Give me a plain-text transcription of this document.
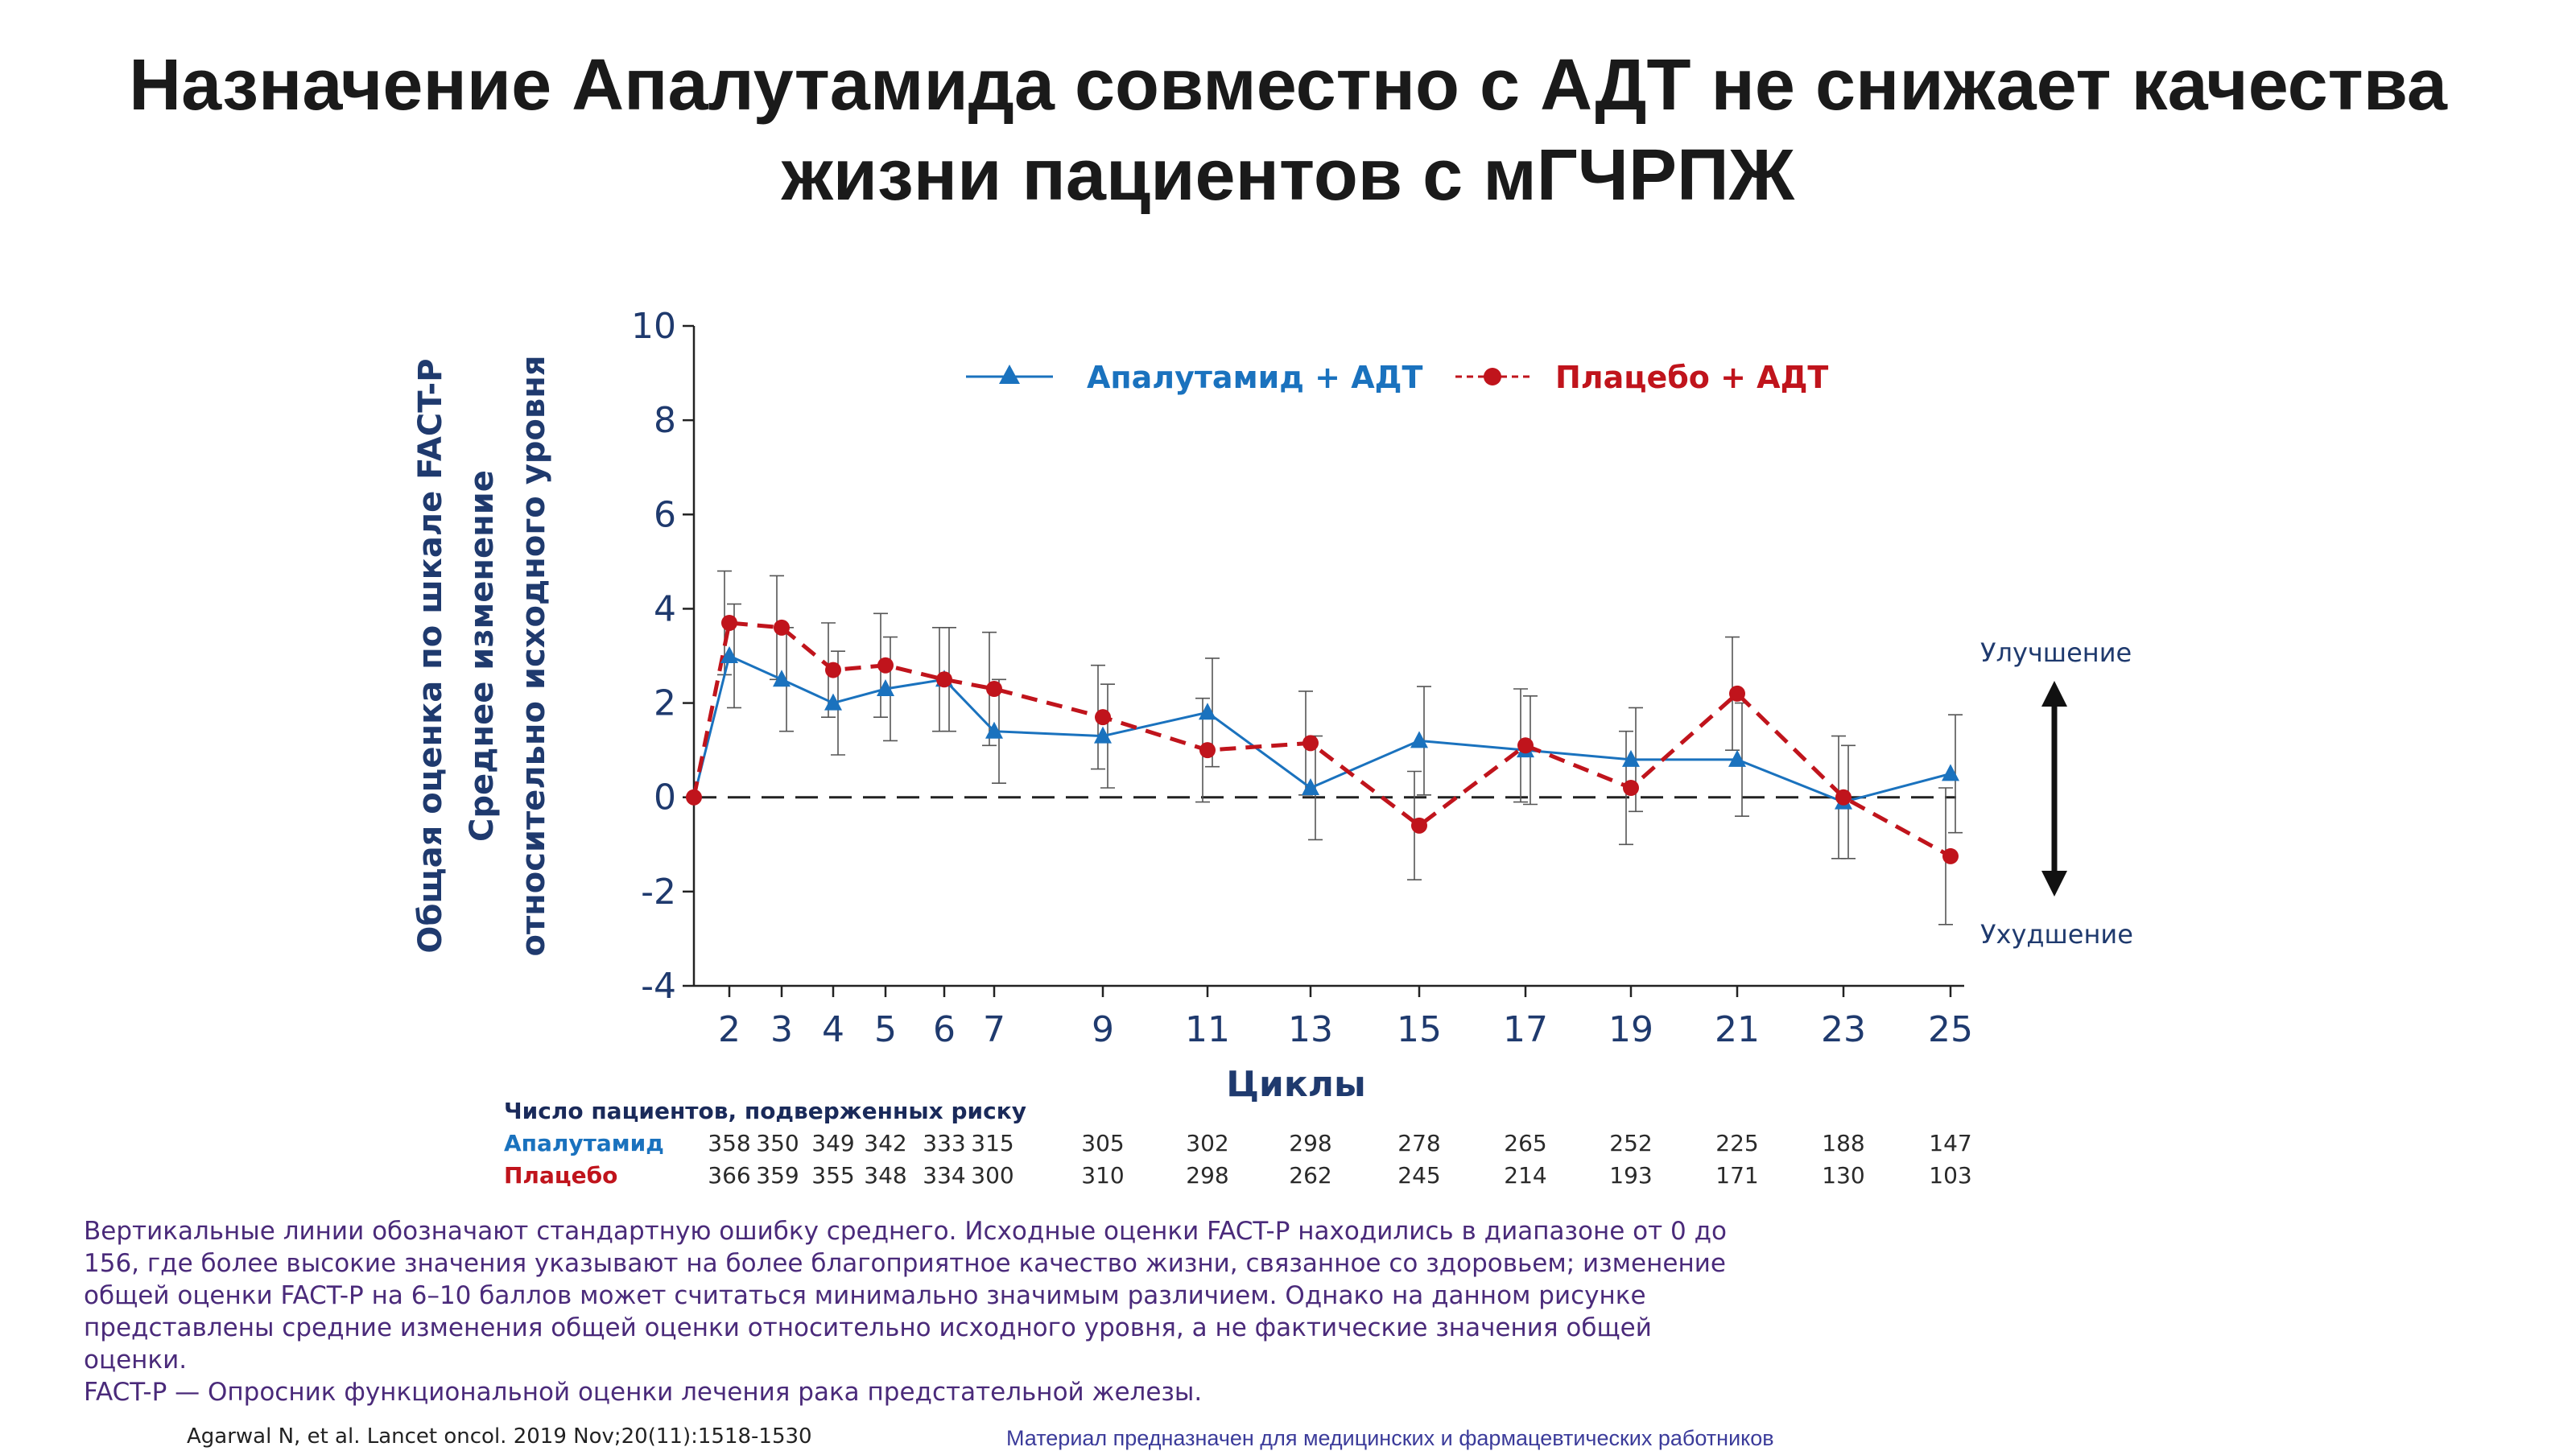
Назначение Апалутамида совместно с АДТ не снижает качества
жизни пациентов с мГЧРПЖ
10
8
6
4
2
0
-2
-4
2 3 4 5 6 7 9 11 13 15 17 19 21 23 25
Циклы
Общая оценка по шкале FACT-P Среднее изменение относительно исходного уровня	Апалутамид + АДТ	Плацебо + АДТ
Улучшение
Ухудшение
Число пациентов, подверженных риску
Апалутамид 358 350 349 342 333 315	305	302	298	278	265	252	225	188	147
Плацебо	366 359 355 348 334 300	310	298	262	245	214	193	171	130	103
Вертикальные линии обозначают стандартную ошибку среднего. Исходные оценки FACT-P находились в диапазоне от 0 до
156, где более высокие значения указывают на более благоприятное качество жизни, связанное со здоровьем; изменение
общей оценки FACT-P на 6–10 баллов может считаться минимально значимым различием. Однако на данном рисунке
представлены средние изменения общей оценки относительно исходного уровня, а не фактические значения общей
оценки.
FACT-P — Опросник функциональной оценки лечения рака предстательной железы.
Agarwal N, et al. Lancet oncol. 2019 Nov;20(11):1518-1530	Материал предназначен для медицинских и фармацевтических работников
